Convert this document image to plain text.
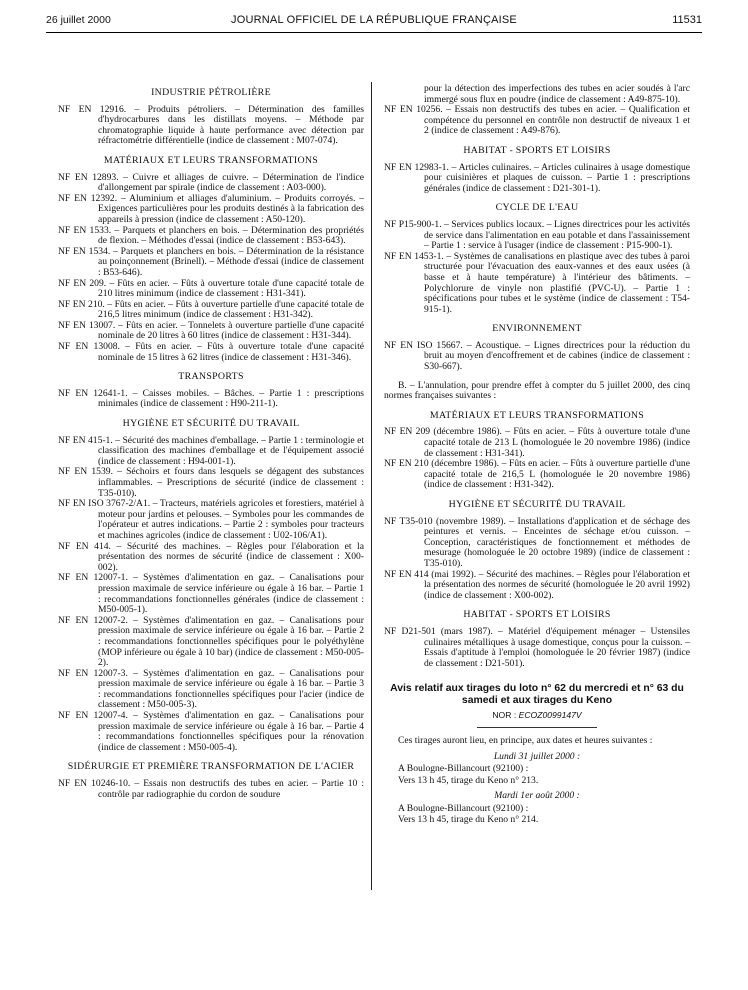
26 juillet 2000	JOURNAL OFFICIEL DE LA RÉPUBLIQUE FRANÇAISE	11531
INDUSTRIE PÉTROLIÈRE

NF EN 12916. – Produits pétroliers. – Détermination des familles d'hydrocarbures dans les distillats moyens. – Méthode par chromatographie liquide à haute performance avec détection par réfractométrie différentielle (indice de classement : M07-074).

MATÉRIAUX ET LEURS TRANSFORMATIONS

NF EN 12893. – Cuivre et alliages de cuivre. – Détermination de l'indice d'allongement par spirale (indice de classement : A03-000).

NF EN 12392. – Aluminium et alliages d'aluminium. – Produits corroyés. – Exigences particulières pour les produits destinés à la fabrication des appareils à pression (indice de classement : A50-120).

NF EN 1533. – Parquets et planchers en bois. – Détermination des propriétés de flexion. – Méthodes d'essai (indice de classement : B53-643).

NF EN 1534. – Parquets et planchers en bois. – Détermination de la résistance au poinçonnement (Brinell). – Méthode d'essai (indice de classement : B53-646).

NF EN 209. – Fûts en acier. – Fûts à ouverture totale d'une capacité totale de 210 litres minimum (indice de classement : H31-341).

NF EN 210. – Fûts en acier. – Fûts à ouverture partielle d'une capacité totale de 216,5 litres minimum (indice de classement : H31-342).

NF EN 13007. – Fûts en acier. – Tonnelets à ouverture partielle d'une capacité nominale de 20 litres à 60 litres (indice de classement : H31-344).

NF EN 13008. – Fûts en acier. – Fûts à ouverture totale d'une capacité nominale de 15 litres à 62 litres (indice de classement : H31-346).

TRANSPORTS

NF EN 12641-1. – Caisses mobiles. – Bâches. – Partie 1 : prescriptions minimales (indice de classement : H90-211-1).

HYGIÈNE ET SÉCURITÉ DU TRAVAIL

NF EN 415-1. – Sécurité des machines d'emballage. – Partie 1 : terminologie et classification des machines d'emballage et de l'équipement associé (indice de classement : H94-001-1).

NF EN 1539. – Séchoirs et fours dans lesquels se dégagent des substances inflammables. – Prescriptions de sécurité (indice de classement : T35-010).

NF EN ISO 3767-2/A1. – Tracteurs, matériels agricoles et forestiers, matériel à moteur pour jardins et pelouses. – Symboles pour les commandes de l'opérateur et autres indications. – Partie 2 : symboles pour tracteurs et machines agricoles (indice de classement : U02-106/A1).

NF EN 414. – Sécurité des machines. – Règles pour l'élaboration et la présentation des normes de sécurité (indice de classement : X00-002).

NF EN 12007-1. – Systèmes d'alimentation en gaz. – Canalisations pour pression maximale de service inférieure ou égale à 16 bar. – Partie 1 : recommandations fonctionnelles générales (indice de classement : M50-005-1).

NF EN 12007-2. – Systèmes d'alimentation en gaz. – Canalisations pour pression maximale de service inférieure ou égale à 16 bar. – Partie 2 : recommandations fonctionnelles spécifiques pour le polyéthylène (MOP inférieure ou égale à 10 bar) (indice de classement : M50-005-2).

NF EN 12007-3. – Systèmes d'alimentation en gaz. – Canalisations pour pression maximale de service inférieure ou égale à 16 bar. – Partie 3 : recommandations fonctionnelles spécifiques pour l'acier (indice de classement : M50-005-3).

NF EN 12007-4. – Systèmes d'alimentation en gaz. – Canalisations pour pression maximale de service inférieure ou égale à 16 bar. – Partie 4 : recommandations fonctionnelles spécifiques pour la rénovation (indice de classement : M50-005-4).

SIDÉRURGIE ET PREMIÈRE TRANSFORMATION DE L'ACIER

NF EN 10246-10. – Essais non destructifs des tubes en acier. – Partie 10 : contrôle par radiographie du cordon de soudure

pour la détection des imperfections des tubes en acier soudés à l'arc immergé sous flux en poudre (indice de classement : A49-875-10).

NF EN 10256. – Essais non destructifs des tubes en acier. – Qualification et compétence du personnel en contrôle non destructif de niveaux 1 et 2 (indice de classement : A49-876).

HABITAT - SPORTS ET LOISIRS

NF EN 12983-1. – Articles culinaires. – Articles culinaires à usage domestique pour cuisinières et plaques de cuisson. – Partie 1 : prescriptions générales (indice de classement : D21-301-1).

CYCLE DE L'EAU

NF P15-900-1. – Services publics locaux. – Lignes directrices pour les activités de service dans l'alimentation en eau potable et dans l'assainissement – Partie 1 : service à l'usager (indice de classement : P15-900-1).

NF EN 1453-1. – Systèmes de canalisations en plastique avec des tubes à paroi structurée pour l'évacuation des eaux-vannes et des eaux usées (à basse et à haute température) à l'intérieur des bâtiments. – Polychlorure de vinyle non plastifié (PVC-U). – Partie 1 : spécifications pour tubes et le système (indice de classement : T54-915-1).

ENVIRONNEMENT

NF EN ISO 15667. – Acoustique. – Lignes directrices pour la réduction du bruit au moyen d'encoffrement et de cabines (indice de classement : S30-667).

B. – L'annulation, pour prendre effet à compter du 5 juillet 2000, des cinq normes françaises suivantes :

MATÉRIAUX ET LEURS TRANSFORMATIONS

NF EN 209 (décembre 1986). – Fûts en acier. – Fûts à ouverture totale d'une capacité totale de 213 L (homologuée le 20 novembre 1986) (indice de classement : H31-341).

NF EN 210 (décembre 1986). – Fûts en acier. – Fûts à ouverture partielle d'une capacité totale de 216,5 L (homologuée le 20 novembre 1986) (indice de classement : H31-342).

HYGIÈNE ET SÉCURITÉ DU TRAVAIL

NF T35-010 (novembre 1989). – Installations d'application et de séchage des peintures et vernis. – Enceintes de séchage et/ou cuisson. – Conception, caractéristiques de fonctionnement et méthodes de mesurage (homologuée le 20 octobre 1989) (indice de classement : T35-010).

NF EN 414 (mai 1992). – Sécurité des machines. – Règles pour l'élaboration et la présentation des normes de sécurité (homologuée le 20 avril 1992) (indice de classement : X00-002).

HABITAT - SPORTS ET LOISIRS

NF D21-501 (mars 1987). – Matériel d'équipement ménager – Ustensiles culinaires métalliques à usage domestique, conçus pour la cuisson. – Essais d'aptitude à l'emploi (homologuée le 20 février 1987) (indice de classement : D21-501).

Avis relatif aux tirages du loto n° 62 du mercredi et n° 63 du samedi et aux tirages du Keno
NOR : ECOZ0099147V

Ces tirages auront lieu, en principe, aux dates et heures suivantes :

Lundi 31 juillet 2000 :
A Boulogne-Billancourt (92100) :
Vers 13 h 45, tirage du Keno n° 213.
Mardi 1er août 2000 :
A Boulogne-Billancourt (92100) :
Vers 13 h 45, tirage du Keno n° 214.
